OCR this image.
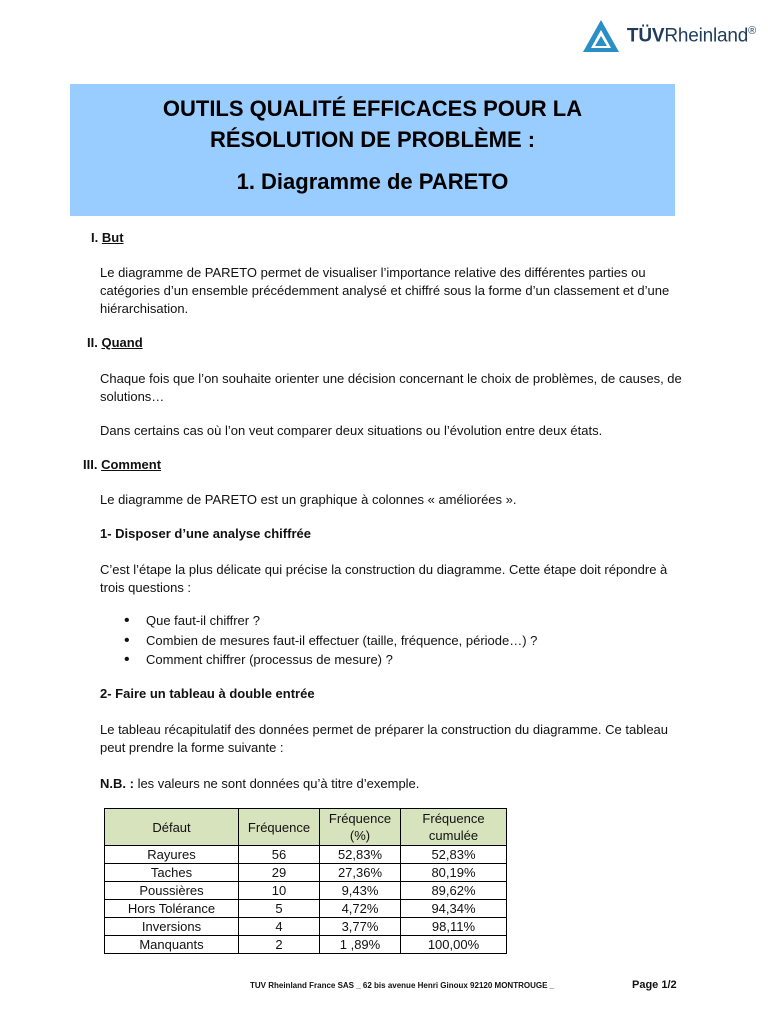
TÜVRheinland®
OUTILS QUALITÉ EFFICACES POUR LA
RÉSOLUTION DE PROBLÈME :
1. Diagramme de PARETO
I. But
Le diagramme de PARETO permet de visualiser l’importance relative des différentes parties ou catégories d’un ensemble précédemment analysé et chiffré sous la forme d’un classement et d’une hiérarchisation.
II. Quand
Chaque fois que l’on souhaite orienter une décision concernant le choix de problèmes, de causes, de solutions…
Dans certains cas où l’on veut comparer deux situations ou l’évolution entre deux états.
III. Comment
Le diagramme de PARETO est un graphique à colonnes « améliorées ».
1- Disposer d’une analyse chiffrée
C’est l’étape la plus délicate qui précise la construction du diagramme. Cette étape doit répondre à trois questions :
• Que faut-il chiffrer ?
• Combien de mesures faut-il effectuer (taille, fréquence, période…) ?
• Comment chiffrer (processus de mesure) ?
2- Faire un tableau à double entrée
Le tableau récapitulatif des données permet de préparer la construction du diagramme. Ce tableau peut prendre la forme suivante :
N.B. : les valeurs ne sont données qu’à titre d’exemple.
Défaut	Fréquence	Fréquence (%)	Fréquence cumulée
Rayures	56	52,83%	52,83%
Taches	29	27,36%	80,19%
Poussières	10	9,43%	89,62%
Hors Tolérance	5	4,72%	94,34%
Inversions	4	3,77%	98,11%
Manquants	2	1 ,89%	100,00%
TUV Rheinland France SAS _ 62 bis avenue Henri Ginoux 92120 MONTROUGE _	Page 1/2
